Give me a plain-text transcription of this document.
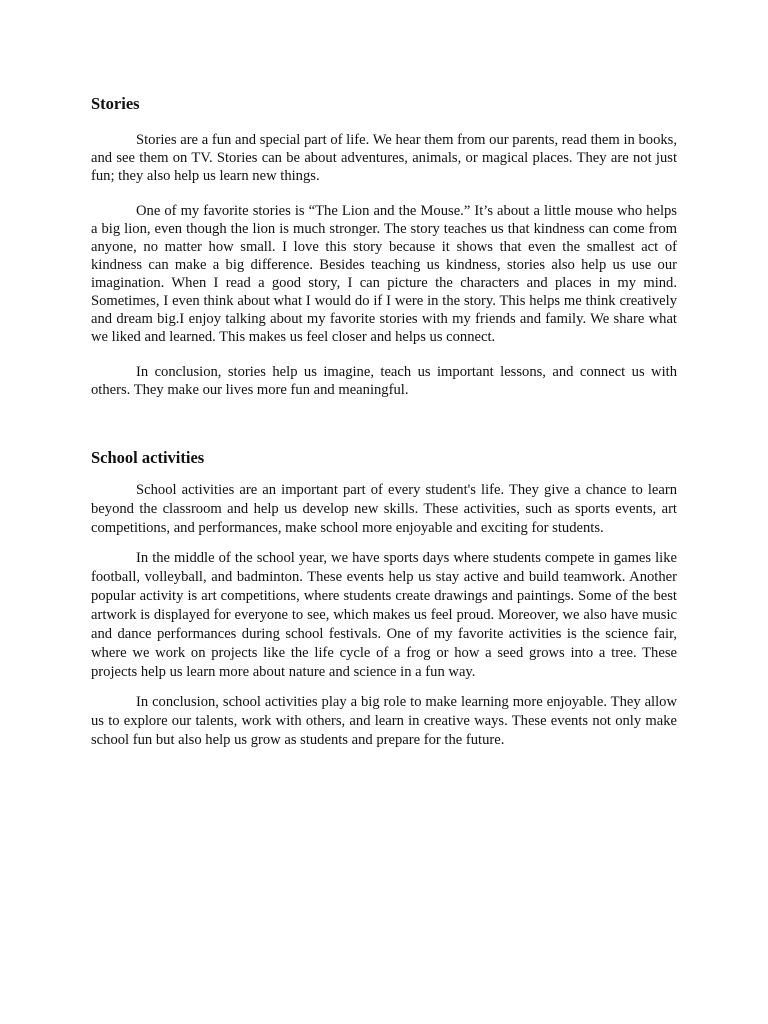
Stories

Stories are a fun and special part of life. We hear them from our parents, read them in books, and see them on TV. Stories can be about adventures, animals, or magical places. They are not just fun; they also help us learn new things.

One of my favorite stories is “The Lion and the Mouse.” It’s about a little mouse who helps a big lion, even though the lion is much stronger. The story teaches us that kindness can come from anyone, no matter how small. I love this story because it shows that even the smallest act of kindness can make a big difference. Besides teaching us kindness, stories also help us use our imagination. When I read a good story, I can picture the characters and places in my mind. Sometimes, I even think about what I would do if I were in the story. This helps me think creatively and dream big.I enjoy talking about my favorite stories with my friends and family. We share what we liked and learned. This makes us feel closer and helps us connect.

In conclusion, stories help us imagine, teach us important lessons, and connect us with others. They make our lives more fun and meaningful.

School activities

School activities are an important part of every student's life. They give a chance to learn beyond the classroom and help us develop new skills. These activities, such as sports events, art competitions, and performances, make school more enjoyable and exciting for students.

In the middle of the school year, we have sports days where students compete in games like football, volleyball, and badminton. These events help us stay active and build teamwork. Another popular activity is art competitions, where students create drawings and paintings. Some of the best artwork is displayed for everyone to see, which makes us feel proud. Moreover, we also have music and dance performances during school festivals. One of my favorite activities is the science fair, where we work on projects like the life cycle of a frog or how a seed grows into a tree. These projects help us learn more about nature and science in a fun way.

In conclusion, school activities play a big role to make learning more enjoyable. They allow us to explore our talents, work with others, and learn in creative ways. These events not only make school fun but also help us grow as students and prepare for the future.
